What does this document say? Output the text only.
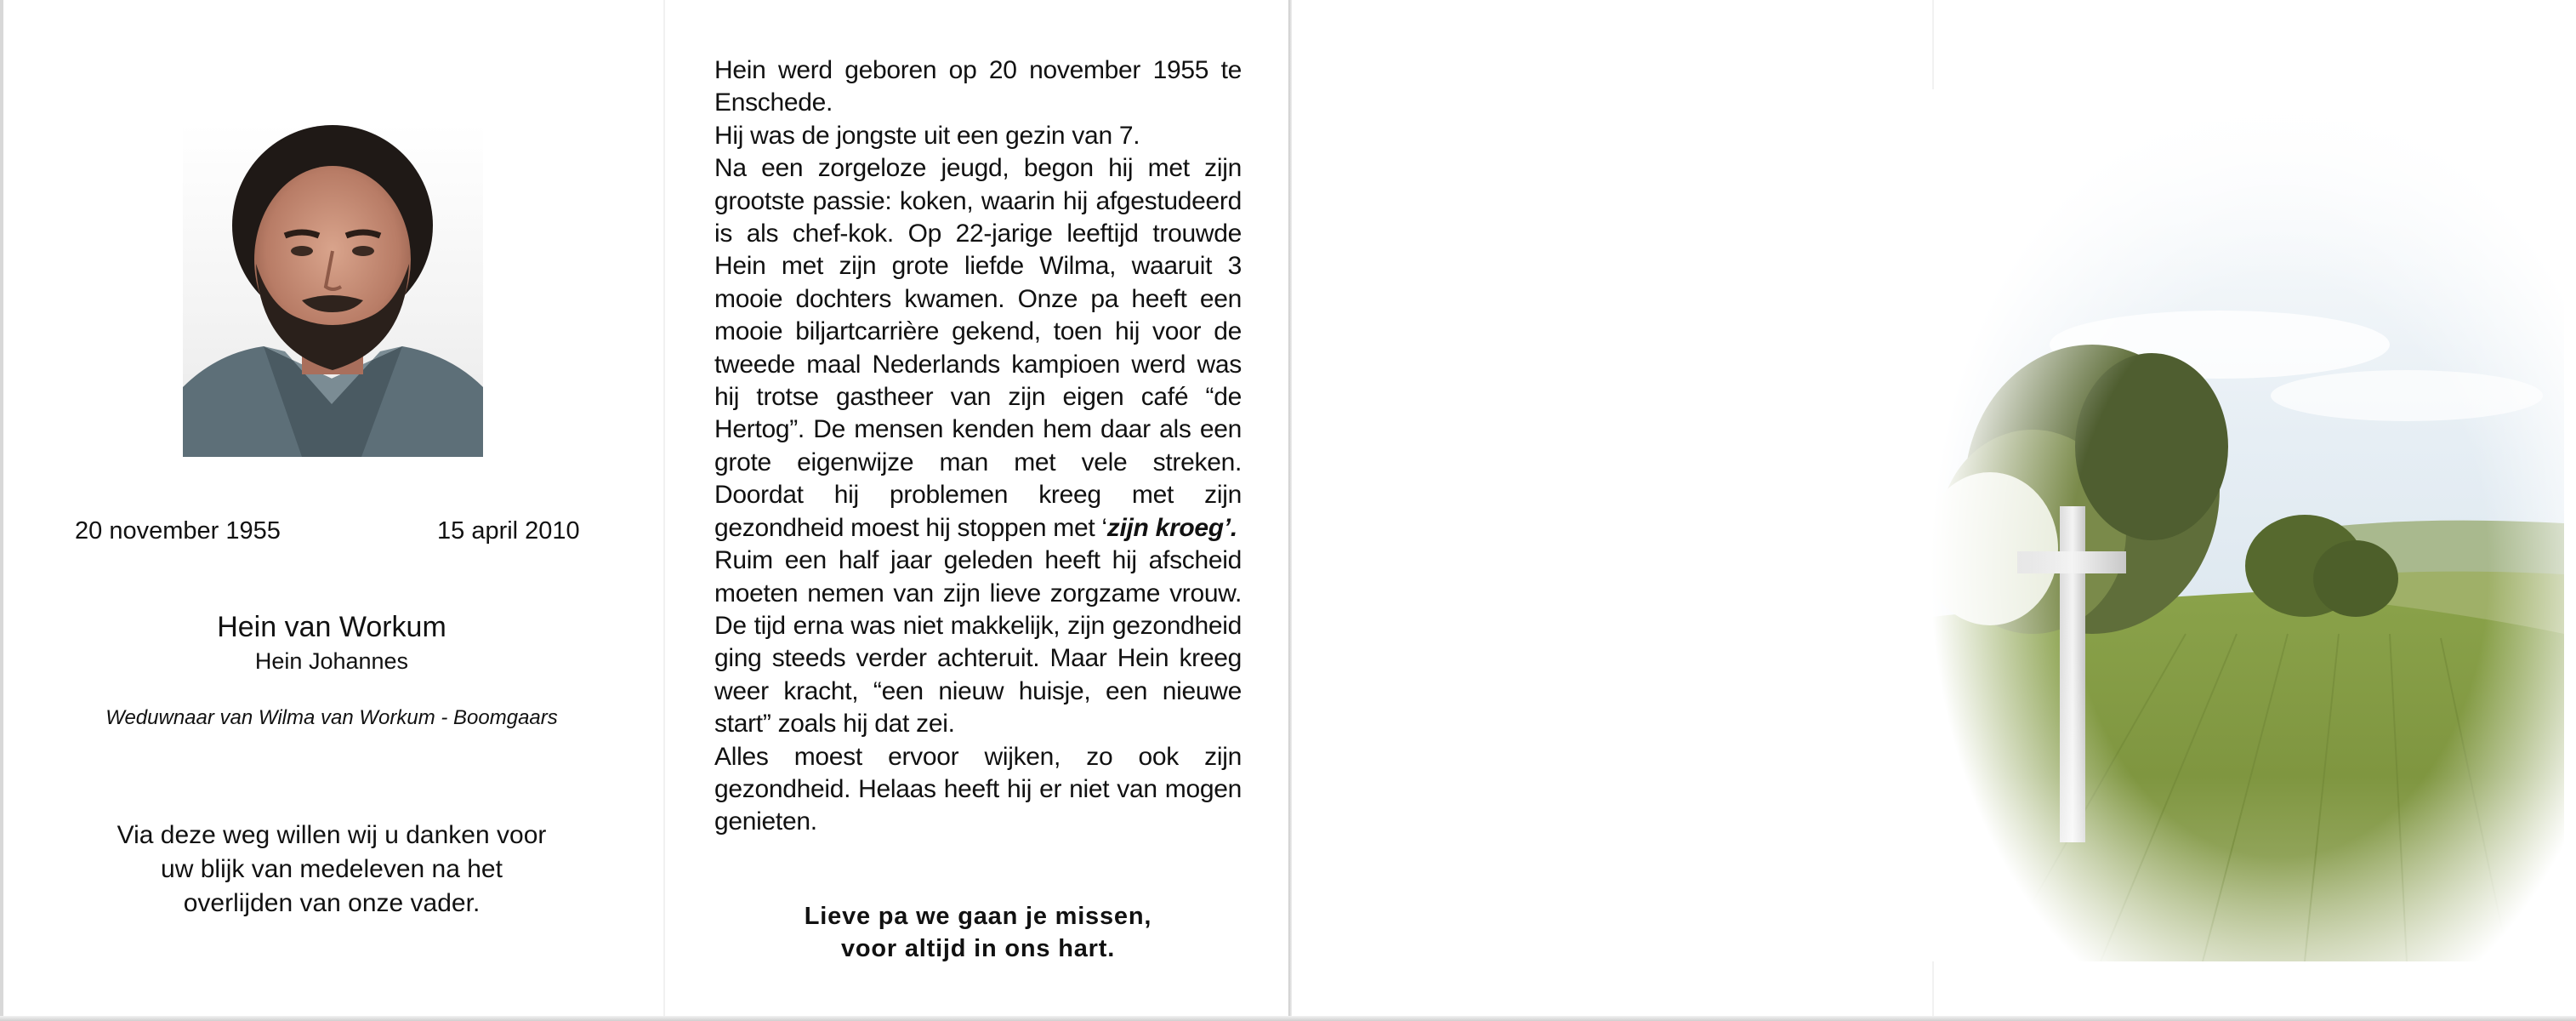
20 november 1955	15 april 2010
Hein van Workum
Hein Johannes
Weduwnaar van Wilma van Workum - Boomgaars
Via deze weg willen wij u danken voor
uw blijk van medeleven na het
overlijden van onze vader.

Hein werd geboren op 20 november 1955 te Enschede.

Hij was de jongste uit een gezin van 7.

Na een zorgeloze jeugd, begon hij met zijn grootste passie: koken, waarin hij afgestudeerd is als chef-kok. Op 22-jarige leeftijd trouwde Hein met zijn grote liefde Wilma, waaruit 3 mooie dochters kwamen. Onze pa heeft een mooie biljartcarrière gekend, toen hij voor de tweede maal Nederlands kampioen werd was hij trotse gastheer van zijn eigen café “de Hertog”. De mensen kenden hem daar als een grote eigenwijze man met vele streken. Doordat hij problemen kreeg met zijn gezondheid moest hij stoppen met ‘zijn kroeg’.

Ruim een half jaar geleden heeft hij afscheid moeten nemen van zijn lieve zorgzame vrouw. De tijd erna was niet makkelijk, zijn gezondheid ging steeds verder achteruit. Maar Hein kreeg weer kracht, “een nieuw huisje, een nieuwe start” zoals hij dat zei.

Alles moest ervoor wijken, zo ook zijn gezondheid. Helaas heeft hij er niet van mogen genieten.

Lieve pa we gaan je missen,
voor altijd in ons hart.
